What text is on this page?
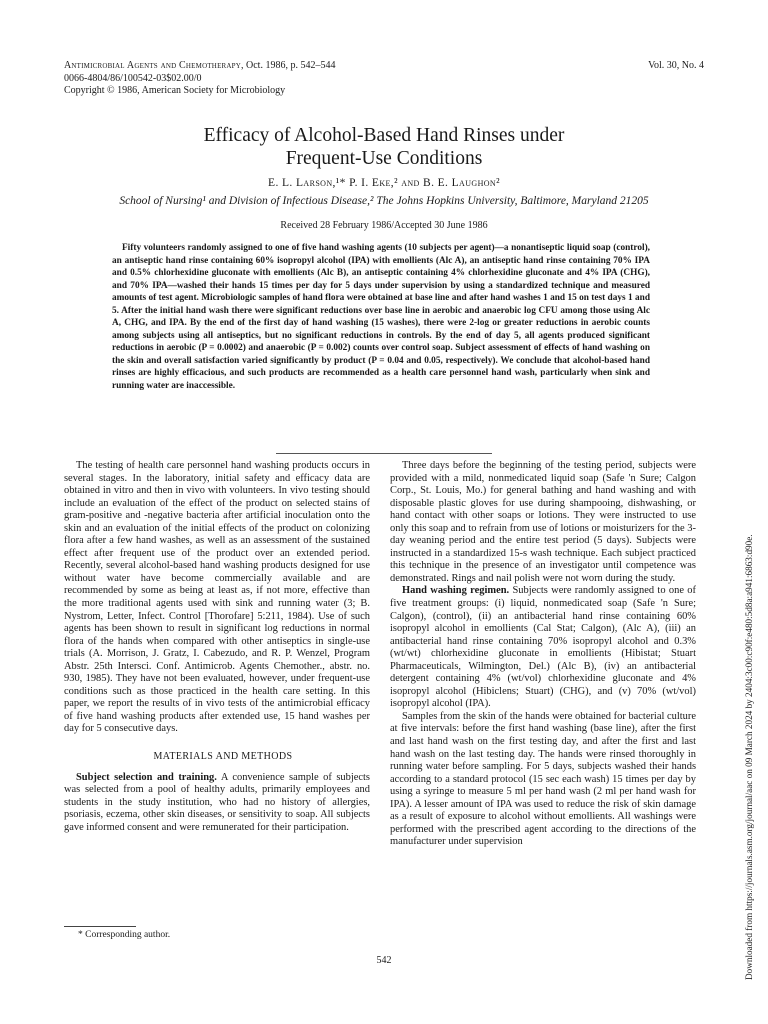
Antimicrobial Agents and Chemotherapy, Oct. 1986, p. 542–544
0066-4804/86/100542-03$02.00/0
Copyright © 1986, American Society for Microbiology
Vol. 30, No. 4
Efficacy of Alcohol-Based Hand Rinses under
Frequent-Use Conditions
E. L. Larson,¹* P. I. Eke,² and B. E. Laughon²
School of Nursing¹ and Division of Infectious Disease,² The Johns Hopkins University, Baltimore, Maryland 21205
Received 28 February 1986/Accepted 30 June 1986
Fifty volunteers randomly assigned to one of five hand washing agents (10 subjects per agent)—a nonantiseptic liquid soap (control), an antiseptic hand rinse containing 60% isopropyl alcohol (IPA) with emollients (Alc A), an antiseptic hand rinse containing 70% IPA and 0.5% chlorhexidine gluconate with emollients (Alc B), an antiseptic containing 4% chlorhexidine gluconate and 4% IPA (CHG), and 70% IPA—washed their hands 15 times per day for 5 days under supervision by using a standardized technique and measured amounts of test agent. Microbiologic samples of hand flora were obtained at base line and after hand washes 1 and 15 on test days 1 and 5. After the initial hand wash there were significant reductions over base line in aerobic and anaerobic log CFU among those using Alc A, CHG, and IPA. By the end of the first day of hand washing (15 washes), there were 2-log or greater reductions in aerobic counts among subjects using all antiseptics, but no significant reductions in controls. By the end of day 5, all agents produced significant reductions in aerobic (P = 0.0002) and anaerobic (P = 0.002) counts over control soap. Subject assessment of effects of hand washing on the skin and overall satisfaction varied significantly by product (P = 0.04 and 0.05, respectively). We conclude that alcohol-based hand rinses are highly efficacious, and such products are recommended as a health care personnel hand wash, particularly when sink and running water are inaccessible.

The testing of health care personnel hand washing products occurs in several stages. In the laboratory, initial safety and efficacy data are obtained in vitro and then in vivo with volunteers. In vivo testing should include an evaluation of the effect of the product on selected stains of gram-positive and -negative bacteria after artificial inoculation onto the skin and an evaluation of the initial effects of the product on colonizing flora after a few hand washes, as well as an assessment of the sustained effect after frequent use of the product over an extended period. Recently, several alcohol-based hand washing products designed for use without water have become commercially available and are recommended by some as being at least as, if not more, effective than the more traditional agents used with sink and running water (3; B. Nystrom, Letter, Infect. Control [Thorofare] 5:211, 1984). Use of such agents has been shown to result in significant log reductions in normal flora of the hands when compared with other antiseptics in single-use trials (A. Morrison, J. Gratz, I. Cabezudo, and R. P. Wenzel, Program Abstr. 25th Intersci. Conf. Antimicrob. Agents Chemother., abstr. no. 930, 1985). They have not been evaluated, however, under frequent-use conditions such as those practiced in the health care setting. In this paper, we report the results of in vivo tests of the antimicrobial efficacy of five hand washing products after extended use, 15 hand washes per day for 5 consecutive days.

MATERIALS AND METHODS

Subject selection and training. A convenience sample of subjects was selected from a pool of healthy adults, primarily employees and students in the study institution, who had no history of allergies, psoriasis, eczema, other skin diseases, or sensitivity to soap. All subjects gave informed consent and were remunerated for their participation.

* Corresponding author.

Three days before the beginning of the testing period, subjects were provided with a mild, nonmedicated liquid soap (Safe 'n Sure; Calgon Corp., St. Louis, Mo.) for general bathing and hand washing and with disposable plastic gloves for use during shampooing, dishwashing, or hand contact with other soaps or lotions. They were instructed to use only this soap and to refrain from use of lotions or moisturizers for the 3-day weaning period and the entire test period (5 days). Subjects were instructed in a standardized 15-s wash technique. Each subject practiced this technique in the presence of an investigator until competence was demonstrated. Rings and nail polish were not worn during the study.

Hand washing regimen. Subjects were randomly assigned to one of five treatment groups: (i) liquid, nonmedicated soap (Safe 'n Sure; Calgon), (control), (ii) an antibacterial hand rinse containing 60% isopropyl alcohol in emollients (Cal Stat; Calgon), (Alc A), (iii) an antibacterial hand rinse containing 70% isopropyl alcohol and 0.3% (wt/wt) chlorhexidine gluconate in emollients (Hibistat; Stuart Pharmaceuticals, Wilmington, Del.) (Alc B), (iv) an antibacterial detergent containing 4% (wt/vol) chlorhexidine gluconate and 4% isopropyl alcohol (Hibiclens; Stuart) (CHG), and (v) 70% (wt/vol) isopropyl alcohol (IPA).

Samples from the skin of the hands were obtained for bacterial culture at five intervals: before the first hand washing (base line), after the first and last hand wash on the first testing day, and after the first and last hand wash on the last testing day. The hands were rinsed thoroughly in running water before sampling. For 5 days, subjects washed their hands according to a standard protocol (15 sec each wash) 15 times per day by using a syringe to measure 5 ml per hand wash (2 ml per hand wash for IPA). A lesser amount of IPA was used to reduce the risk of skin damage as a result of exposure to alcohol without emollients. All washings were performed with the prescribed agent according to the directions of the manufacturer under supervision

542	Downloaded from https://journals.asm.org/journal/aac on 09 March 2024 by 2404:3c00:c90f:e480:5d8a:a941:6863:d90e.
